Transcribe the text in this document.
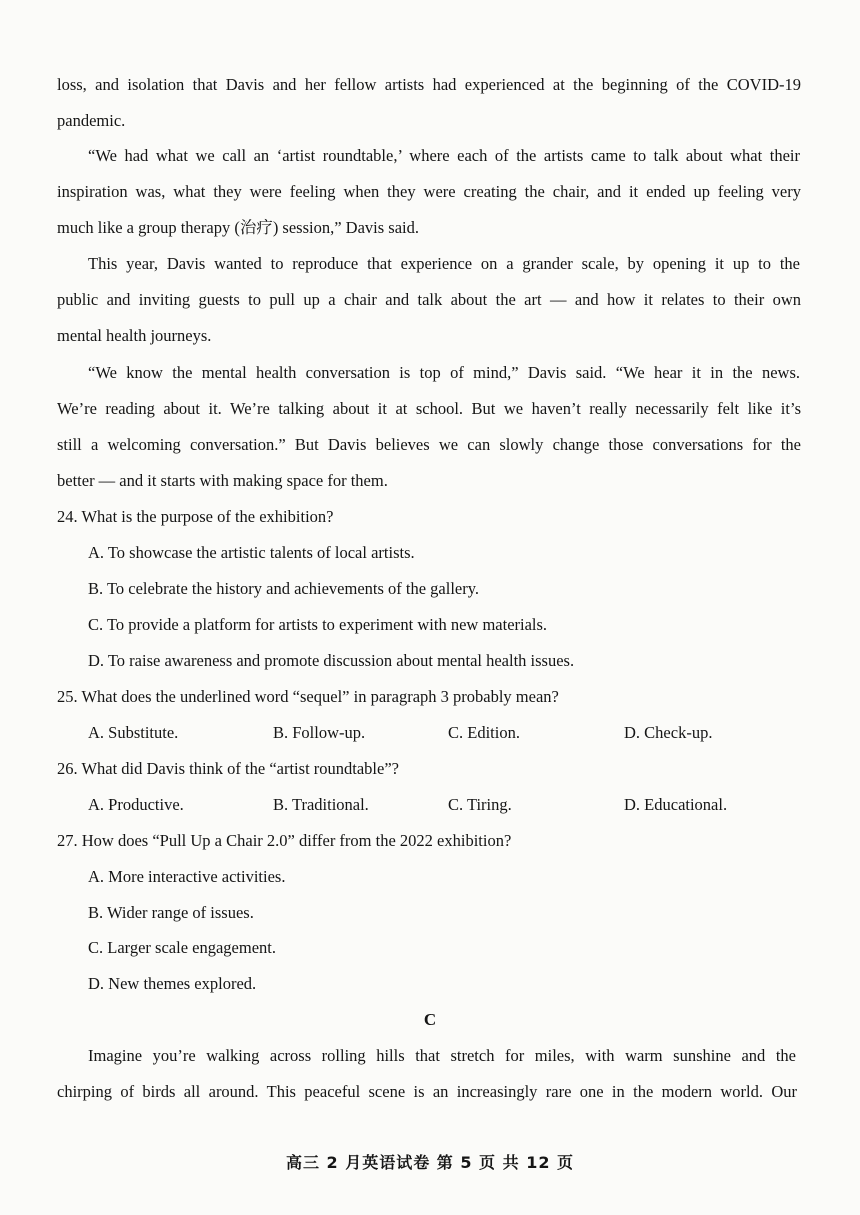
loss, and isolation that Davis and her fellow artists had experienced at the beginning of the COVID-19
pandemic.
“We had what we call an ‘artist roundtable,’ where each of the artists came to talk about what their
inspiration was, what they were feeling when they were creating the chair, and it ended up feeling very
much like a group therapy (治疗) session,” Davis said.
This year, Davis wanted to reproduce that experience on a grander scale, by opening it up to the
public and inviting guests to pull up a chair and talk about the art — and how it relates to their own
mental health journeys.
“We know the mental health conversation is top of mind,” Davis said. “We hear it in the news.
We’re reading about it. We’re talking about it at school. But we haven’t really necessarily felt like it’s
still a welcoming conversation.” But Davis believes we can slowly change those conversations for the
better — and it starts with making space for them.
24. What is the purpose of the exhibition?
A. To showcase the artistic talents of local artists.
B. To celebrate the history and achievements of the gallery.
C. To provide a platform for artists to experiment with new materials.
D. To raise awareness and promote discussion about mental health issues.
25. What does the underlined word “sequel” in paragraph 3 probably mean?
A. Substitute.	B. Follow-up.	C. Edition.	D. Check-up.
26. What did Davis think of the “artist roundtable”?
A. Productive.	B. Traditional.	C. Tiring.	D. Educational.
27. How does “Pull Up a Chair 2.0” differ from the 2022 exhibition?
A. More interactive activities.
B. Wider range of issues.
C. Larger scale engagement.
D. New themes explored.
C
Imagine you’re walking across rolling hills that stretch for miles, with warm sunshine and the
chirping of birds all around. This peaceful scene is an increasingly rare one in the modern world. Our
高三 2 月英语试卷 第 5 页 共 12 页
